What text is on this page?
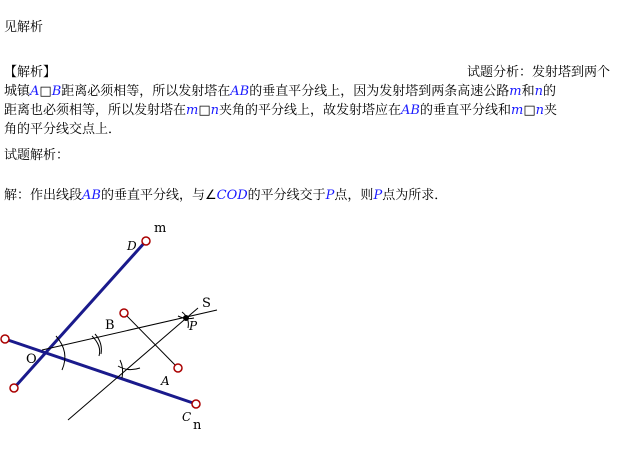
见解析
【解析】	试题分析：发射塔到两个
城镇A□B距离必须相等，所以发射塔在AB的垂直平分线上，因为发射塔到两条高速公路m和n的
距离也必须相等，所以发射塔在m□n夹角的平分线上，故发射塔应在AB的垂直平分线和m□n夹
角的平分线交点上．
试题解析：
解：作出线段AB的垂直平分线，与∠COD的平分线交于P点，则P点为所求．
m
D
O
B
A
C
n
P
S
